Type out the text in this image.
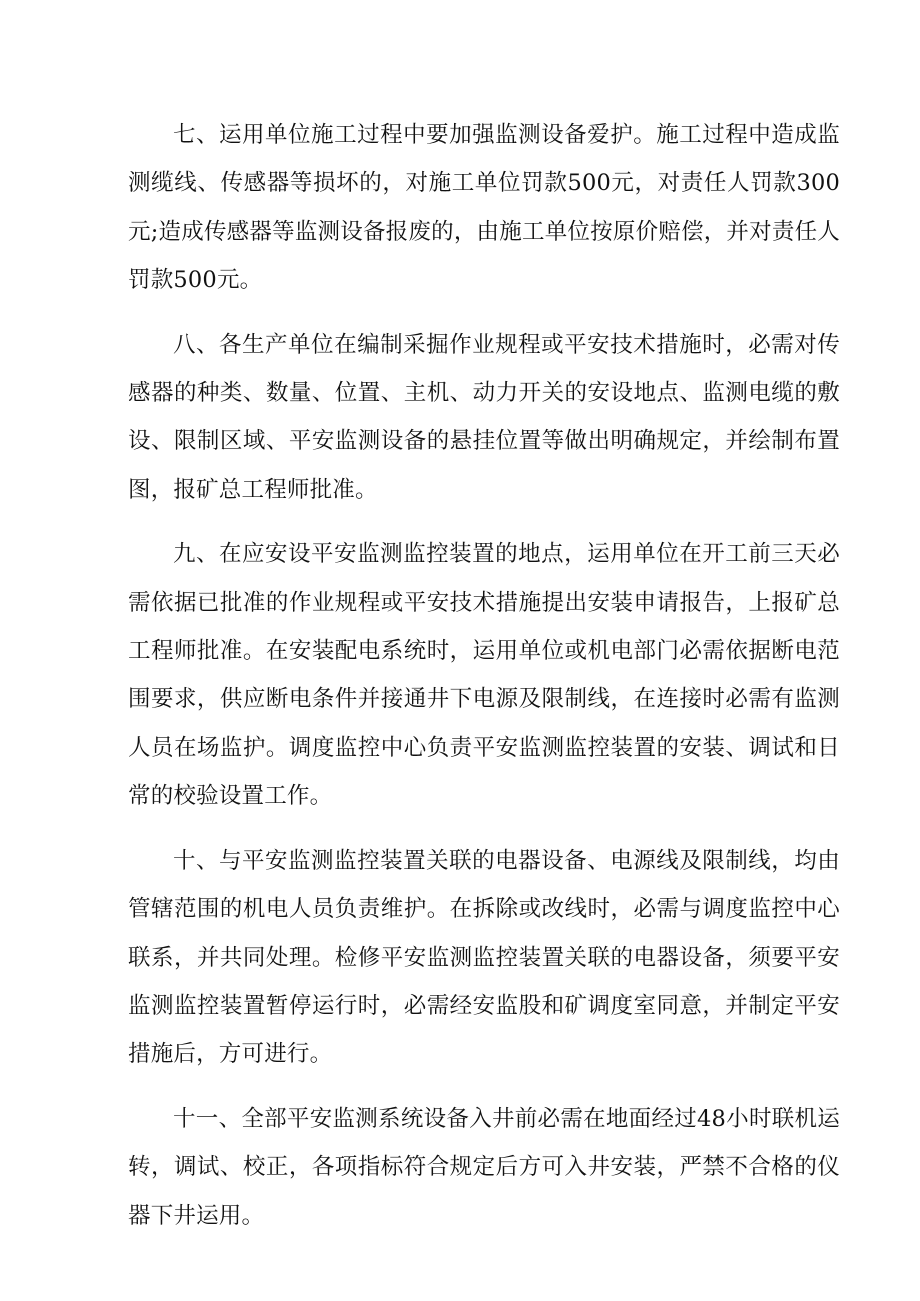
七、运用单位施工过程中要加强监测设备爱护。施工过程中造成监测缆线、传感器等损坏的，对施工单位罚款500元，对责任人罚款300元;造成传感器等监测设备报废的，由施工单位按原价赔偿，并对责任人罚款500元。

八、各生产单位在编制采掘作业规程或平安技术措施时，必需对传感器的种类、数量、位置、主机、动力开关的安设地点、监测电缆的敷设、限制区域、平安监测设备的悬挂位置等做出明确规定，并绘制布置图，报矿总工程师批准。

九、在应安设平安监测监控装置的地点，运用单位在开工前三天必需依据已批准的作业规程或平安技术措施提出安装申请报告，上报矿总工程师批准。在安装配电系统时，运用单位或机电部门必需依据断电范围要求，供应断电条件并接通井下电源及限制线，在连接时必需有监测人员在场监护。调度监控中心负责平安监测监控装置的安装、调试和日常的校验设置工作。

十、与平安监测监控装置关联的电器设备、电源线及限制线，均由管辖范围的机电人员负责维护。在拆除或改线时，必需与调度监控中心联系，并共同处理。检修平安监测监控装置关联的电器设备，须要平安监测监控装置暂停运行时，必需经安监股和矿调度室同意，并制定平安措施后，方可进行。

十一、全部平安监测系统设备入井前必需在地面经过48小时联机运转，调试、校正，各项指标符合规定后方可入井安装，严禁不合格的仪器下井运用。
